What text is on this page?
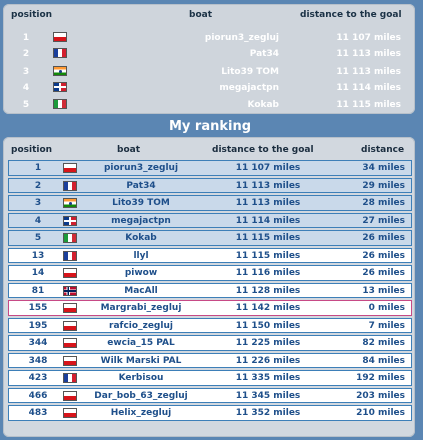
position	boat	distance to the goal
1	piorun3_zegluj	11 107 miles
2	Pat34	11 113 miles
3	Lito39 TOM	11 113 miles
4	megajactpn	11 114 miles
5	Kokab	11 115 miles
My ranking
position	boat	distance to the goal	distance
1	piorun3_zegluj	11 107 miles	34 miles
2	Pat34	11 113 miles	29 miles
3	Lito39 TOM	11 113 miles	28 miles
4	megajactpn	11 114 miles	27 miles
5	Kokab	11 115 miles	26 miles
13	llyl	11 115 miles	26 miles
14	piwow	11 116 miles	26 miles
81	MacAll	11 128 miles	13 miles
155	Margrabi_zegluj	11 142 miles	0 miles
195	rafcio_zegluj	11 150 miles	7 miles
344	ewcia_15 PAL	11 225 miles	82 miles
348	Wilk Marski PAL	11 226 miles	84 miles
423	Kerbisou	11 335 miles	192 miles
466	Dar_bob_63_zegluj	11 345 miles	203 miles
483	Helix_zegluj	11 352 miles	210 miles
